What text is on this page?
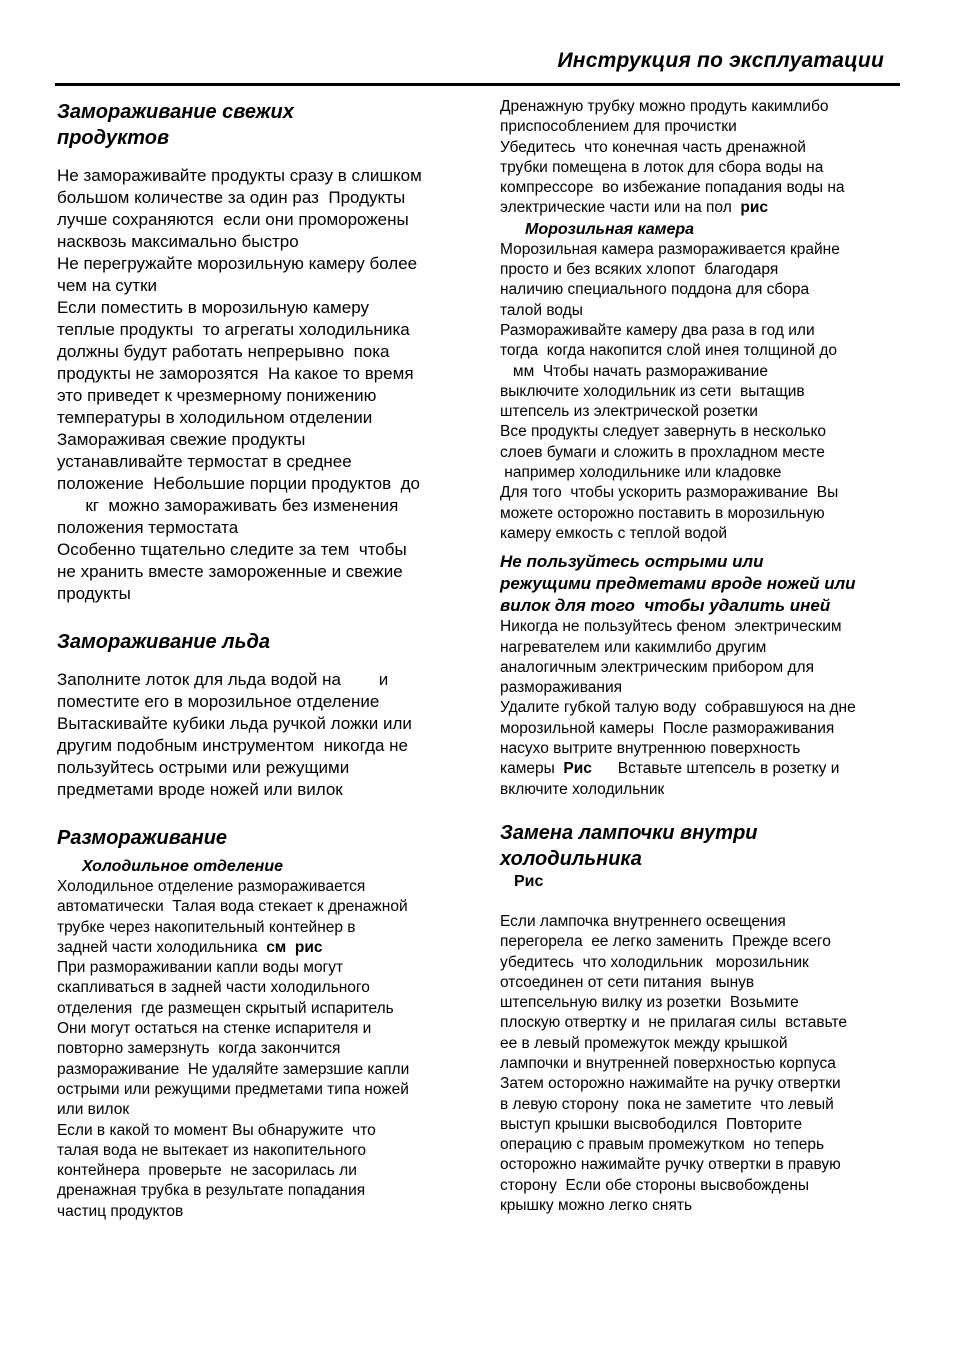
Инструкция по эксплуатации
Замораживание свежих
продуктов
Не замораживайте продукты сразу в слишком
большом количестве за один раз  Продукты
лучше сохраняются  если они проморожены
насквозь максимально быстро
Не перегружайте морозильную камеру более
чем на сутки
Если поместить в морозильную камеру
теплые продукты  то агрегаты холодильника
должны будут работать непрерывно  пока
продукты не заморозятся  На какое то время
это приведет к чрезмерному понижению
температуры в холодильном отделении
Замораживая свежие продукты
устанавливайте термостат в среднее
положение  Небольшие порции продуктов  до
кг  можно замораживать без изменения
положения термостата
Особенно тщательно следите за тем  чтобы
не хранить вместе замороженные и свежие
продукты
Замораживание льда
Заполните лоток для льда водой на        и
поместите его в морозильное отделение
Вытаскивайте кубики льда ручкой ложки или
другим подобным инструментом  никогда не
пользуйтесь острыми или режущими
предметами вроде ножей или вилок
Размораживание
Холодильное отделение
Холодильное отделение размораживается
автоматически  Талая вода стекает к дренажной
трубке через накопительный контейнер в
задней части холодильника  см  рис
При размораживании капли воды могут
скапливаться в задней части холодильного
отделения  где размещен скрытый испаритель
Они могут остаться на стенке испарителя и
повторно замерзнуть  когда закончится
размораживание  Не удаляйте замерзшие капли
острыми или режущими предметами типа ножей
или вилок
Если в какой то момент Вы обнаружите  что
талая вода не вытекает из накопительного
контейнера  проверьте  не засорилась ли
дренажная трубка в результате попадания
частиц продуктов
Дренажную трубку можно продуть какимлибо
приспособлением для прочистки
Убедитесь  что конечная часть дренажной
трубки помещена в лоток для сбора воды на
компрессоре  во избежание попадания воды на
электрические части или на пол  рис
Морозильная камера
Морозильная камера размораживается крайне
просто и без всяких хлопот  благодаря
наличию специального поддона для сбора
талой воды
Размораживайте камеру два раза в год или
тогда  когда накопится слой инея толщиной до
мм  Чтобы начать размораживание
выключите холодильник из сети  вытащив
штепсель из электрической розетки
Все продукты следует завернуть в несколько
слоев бумаги и сложить в прохладном месте
например холодильнике или кладовке
Для того  чтобы ускорить размораживание  Вы
можете осторожно поставить в морозильную
камеру емкость с теплой водой
Не пользуйтесь острыми или
режущими предметами вроде ножей или
вилок для того  чтобы удалить иней
Никогда не пользуйтесь феном  электрическим
нагревателем или какимлибо другим
аналогичным электрическим прибором для
размораживания
Удалите губкой талую воду  собравшуюся на дне
морозильной камеры  После размораживания
насухо вытрите внутреннюю поверхность
камеры  Рис      Вставьте штепсель в розетку и
включите холодильник
Замена лампочки внутри
холодильника
Рис
Если лампочка внутреннего освещения
перегорела  ее легко заменить  Прежде всего
убедитесь  что холодильник   морозильник
отсоединен от сети питания  вынув
штепсельную вилку из розетки  Возьмите
плоскую отвертку и  не прилагая силы  вставьте
ее в левый промежуток между крышкой
лампочки и внутренней поверхностью корпуса
Затем осторожно нажимайте на ручку отвертки
в левую сторону  пока не заметите  что левый
выступ крышки высвободился  Повторите
операцию с правым промежутком  но теперь
осторожно нажимайте ручку отвертки в правую
сторону  Если обе стороны высвобождены
крышку можно легко снять
